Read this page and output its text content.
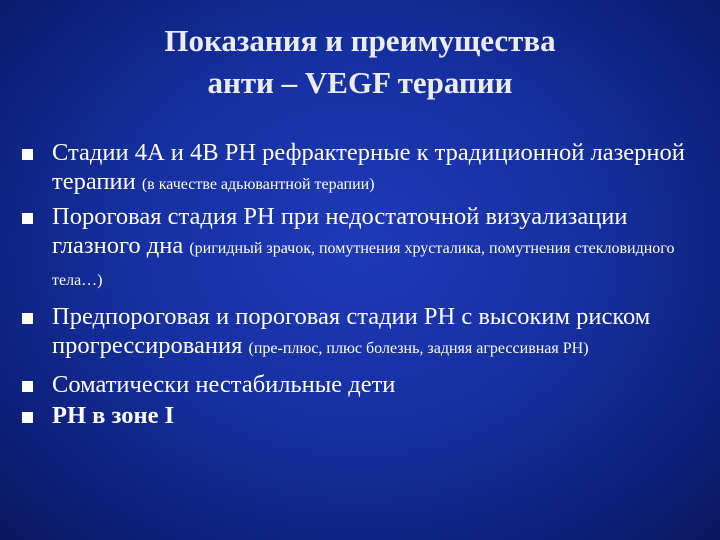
Показания и преимущества
анти – VEGF терапии
Стадии 4А и 4В РН рефрактерные к традиционной лазерной терапии (в качестве адьювантной терапии)
Пороговая стадия РН при недостаточной визуализации глазного дна (ригидный зрачок, помутнения хрусталика, помутнения стекловидного тела…)
Предпороговая и пороговая стадии РН с высоким риском прогрессирования (пре-плюс, плюс болезнь, задняя агрессивная РН)
Соматически нестабильные дети
РН в зоне I
